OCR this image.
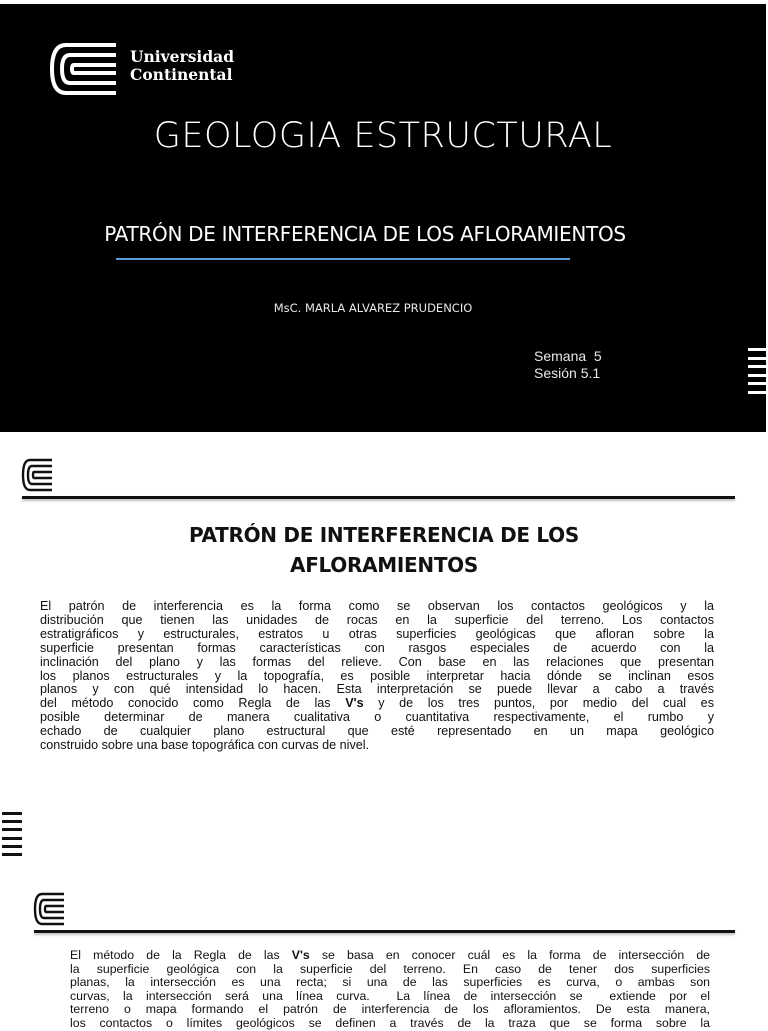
Universidad
Continental
GEOLOGIA ESTRUCTURAL
PATRÓN DE INTERFERENCIA DE LOS AFLORAMIENTOS
MsC. MARLA ALVAREZ PRUDENCIO
Semana  5
Sesión 5.1
PATRÓN DE INTERFERENCIA DE LOS
AFLORAMIENTOS
El patrón de interferencia es la forma como se observan los contactos geológicos y la
distribución que tienen las unidades de rocas en la superficie del terreno. Los contactos
estratigráficos y estructurales, estratos u otras superficies geológicas que afloran sobre la
superficie presentan formas características con rasgos especiales de acuerdo con la
inclinación del plano y las formas del relieve. Con base en las relaciones que presentan
los planos estructurales y la topografía, es posible interpretar hacia dónde se inclinan esos
planos y con qué intensidad lo hacen. Esta interpretación se puede llevar a cabo a través
del método conocido como Regla de las V's y de los tres puntos, por medio del cual es
posible determinar de manera cualitativa o cuantitativa respectivamente, el rumbo y
echado de cualquier plano estructural que esté representado en un mapa geológico
construido sobre una base topográfica con curvas de nivel.
El método de la Regla de las V's se basa en conocer cuál es la forma de intersección de
la superficie geológica con la superficie del terreno. En caso de tener dos superficies
planas, la intersección es una recta; si una de las superficies es curva, o ambas son
curvas, la intersección será una línea curva.  La línea de intersección se  extiende por el
terreno o mapa formando el patrón de interferencia de los afloramientos. De esta manera,
los contactos o límites geológicos se definen a través de la traza que se forma sobre la
